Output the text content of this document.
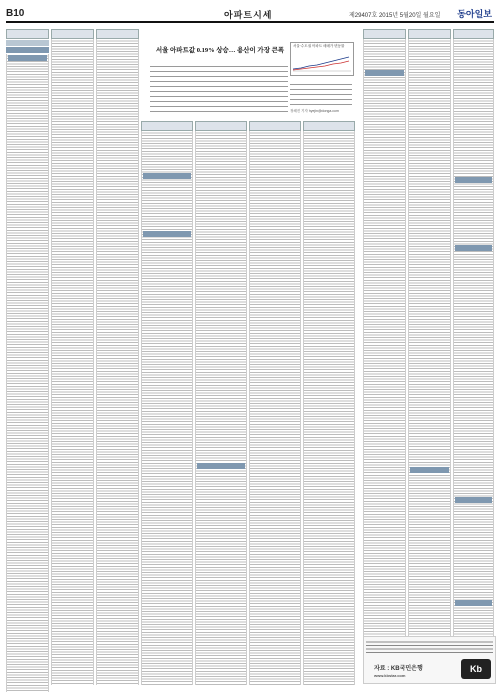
B10	아파트시세	제29407호 2015년 5월20일 월요일 동아일보
서울 아파트값 0.19% 상승… 용산이 가장 큰폭
서울·수도권 아파트 매매가 변동률
정혜진 기자 hyejin@donga.com
자료 : KB국민은행
www.kbstar.com
Kb
